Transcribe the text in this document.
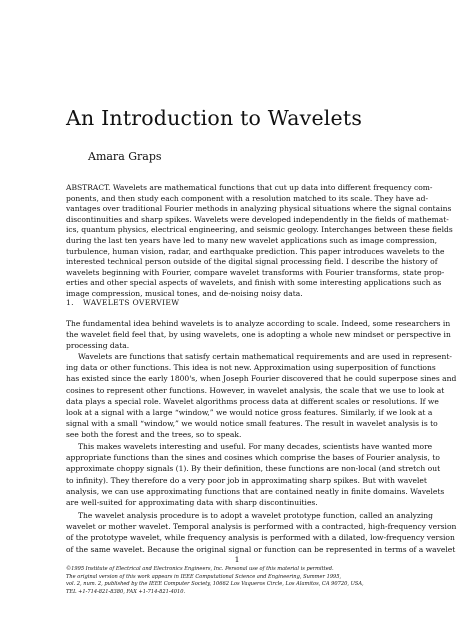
An Introduction to Wavelets
Amara Graps
ABSTRACT. Wavelets are mathematical functions that cut up data into different frequency com-
ponents, and then study each component with a resolution matched to its scale. They have ad-
vantages over traditional Fourier methods in analyzing physical situations where the signal contains
discontinuities and sharp spikes. Wavelets were developed independently in the fields of mathemat-
ics, quantum physics, electrical engineering, and seismic geology. Interchanges between these fields
during the last ten years have led to many new wavelet applications such as image compression,
turbulence, human vision, radar, and earthquake prediction. This paper introduces wavelets to the
interested technical person outside of the digital signal processing field. I describe the history of
wavelets beginning with Fourier, compare wavelet transforms with Fourier transforms, state prop-
erties and other special aspects of wavelets, and finish with some interesting applications such as
image compression, musical tones, and de-noising noisy data.
1. WAVELETS OVERVIEW
The fundamental idea behind wavelets is to analyze according to scale. Indeed, some researchers in
the wavelet field feel that, by using wavelets, one is adopting a whole new mindset or perspective in
processing data.
Wavelets are functions that satisfy certain mathematical requirements and are used in represent-
ing data or other functions. This idea is not new. Approximation using superposition of functions
has existed since the early 1800's, when Joseph Fourier discovered that he could superpose sines and
cosines to represent other functions. However, in wavelet analysis, the scale that we use to look at
data plays a special role. Wavelet algorithms process data at different scales or resolutions. If we
look at a signal with a large “window,” we would notice gross features. Similarly, if we look at a
signal with a small “window,” we would notice small features. The result in wavelet analysis is to
see both the forest and the trees, so to speak.
This makes wavelets interesting and useful. For many decades, scientists have wanted more
appropriate functions than the sines and cosines which comprise the bases of Fourier analysis, to
approximate choppy signals (1). By their definition, these functions are non-local (and stretch out
to infinity). They therefore do a very poor job in approximating sharp spikes. But with wavelet
analysis, we can use approximating functions that are contained neatly in finite domains. Wavelets
are well-suited for approximating data with sharp discontinuities.
1
©1995 Institute of Electrical and Electronics Engineers, Inc. Personal use of this material is permitted.
The original version of this work appears in IEEE Computational Science and Engineering, Summer 1995,
vol. 2, num. 2, published by the IEEE Computer Society, 10662 Los Vaqueros Circle, Los Alamitos, CA 90720, USA,
TEL +1-714-821-8380, FAX +1-714-821-4010.
The wavelet analysis procedure is to adopt a wavelet prototype function, called an analyzing
wavelet or mother wavelet. Temporal analysis is performed with a contracted, high-frequency version
of the prototype wavelet, while frequency analysis is performed with a dilated, low-frequency version
of the same wavelet. Because the original signal or function can be represented in terms of a wavelet
